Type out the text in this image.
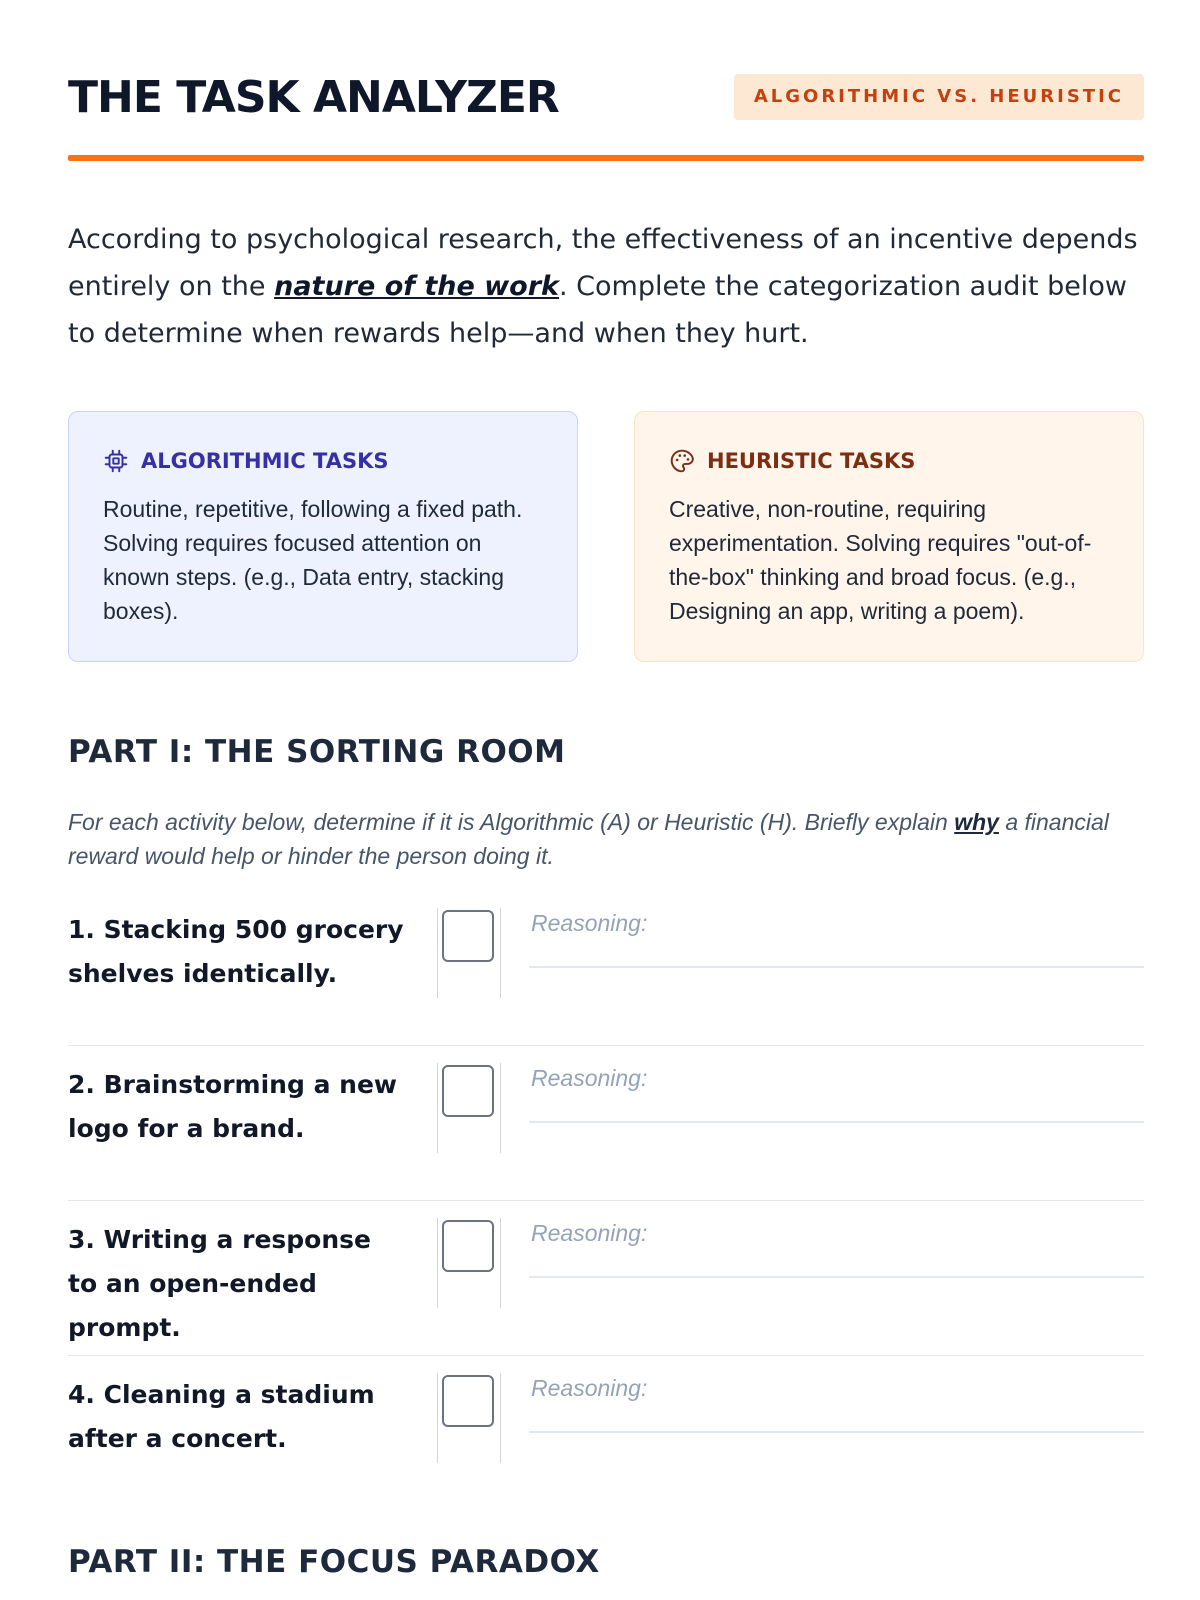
THE TASK ANALYZER	ALGORITHMIC VS. HEURISTIC

According to psychological research, the effectiveness of an incentive depends entirely on the nature of the work. Complete the categorization audit below to determine when rewards help—and when they hurt.

ALGORITHMIC TASKS

Routine, repetitive, following a fixed path. Solving requires focused attention on known steps. (e.g., Data entry, stacking boxes).

HEURISTIC TASKS

Creative, non-routine, requiring experimentation. Solving requires "out-of-the-box" thinking and broad focus. (e.g., Designing an app, writing a poem).

PART I: THE SORTING ROOM

For each activity below, determine if it is Algorithmic (A) or Heuristic (H). Briefly explain why a financial reward would help or hinder the person doing it.

1. Stacking 500 grocery shelves identically.
Reasoning:
2. Brainstorming a new logo for a brand.
Reasoning:
3. Writing a response to an open-ended prompt.
Reasoning:
4. Cleaning a stadium after a concert.
Reasoning:
PART II: THE FOCUS PARADOX
